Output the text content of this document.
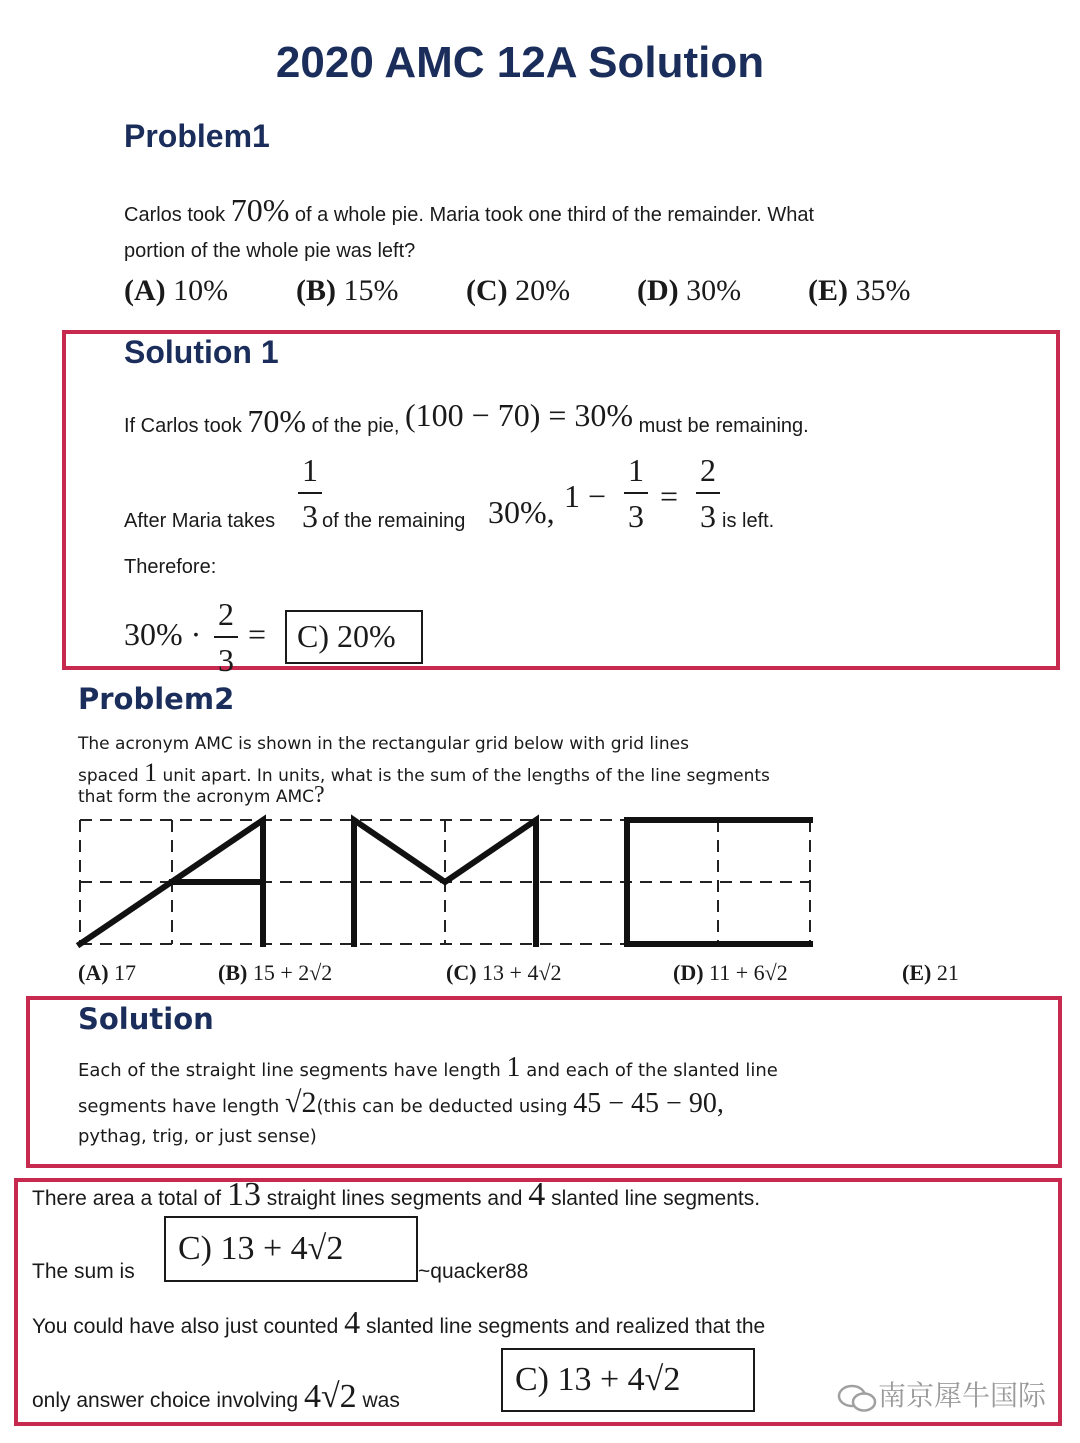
2020 AMC 12A Solution
Problem1
Carlos took 70% of a whole pie. Maria took one third of the remainder. What
portion of the whole pie was left?
(A) 10% (B) 15% (C) 20% (D) 30% (E) 35%
Solution 1
If Carlos took 70% of the pie, (100 − 70) = 30% must be remaining.
After Maria takes
1
3 of the remaining 30%, 1 −
1
3
=
2
3 is left.
Therefore:
30% ·
2
3
= C) 20%
Problem2
The acronym AMC is shown in the rectangular grid below with grid lines
spaced 1 unit apart. In units, what is the sum of the lengths of the line segments
that form the acronym AMC?
(A) 17	(B) 15 + 2√2	(C) 13 + 4√2	(D) 11 + 6√2	(E) 21
Solution
Each of the straight line segments have length 1 and each of the slanted line
segments have length √2(this can be deducted using 45 − 45 − 90,
pythag, trig, or just sense)
There area a total of 13 straight lines segments and 4 slanted line segments.
The sum is
C) 13 + 4√2
~quacker88
You could have also just counted 4 slanted line segments and realized that the
only answer choice involving 4√2 was
C) 13 + 4√2	南京犀牛国际
